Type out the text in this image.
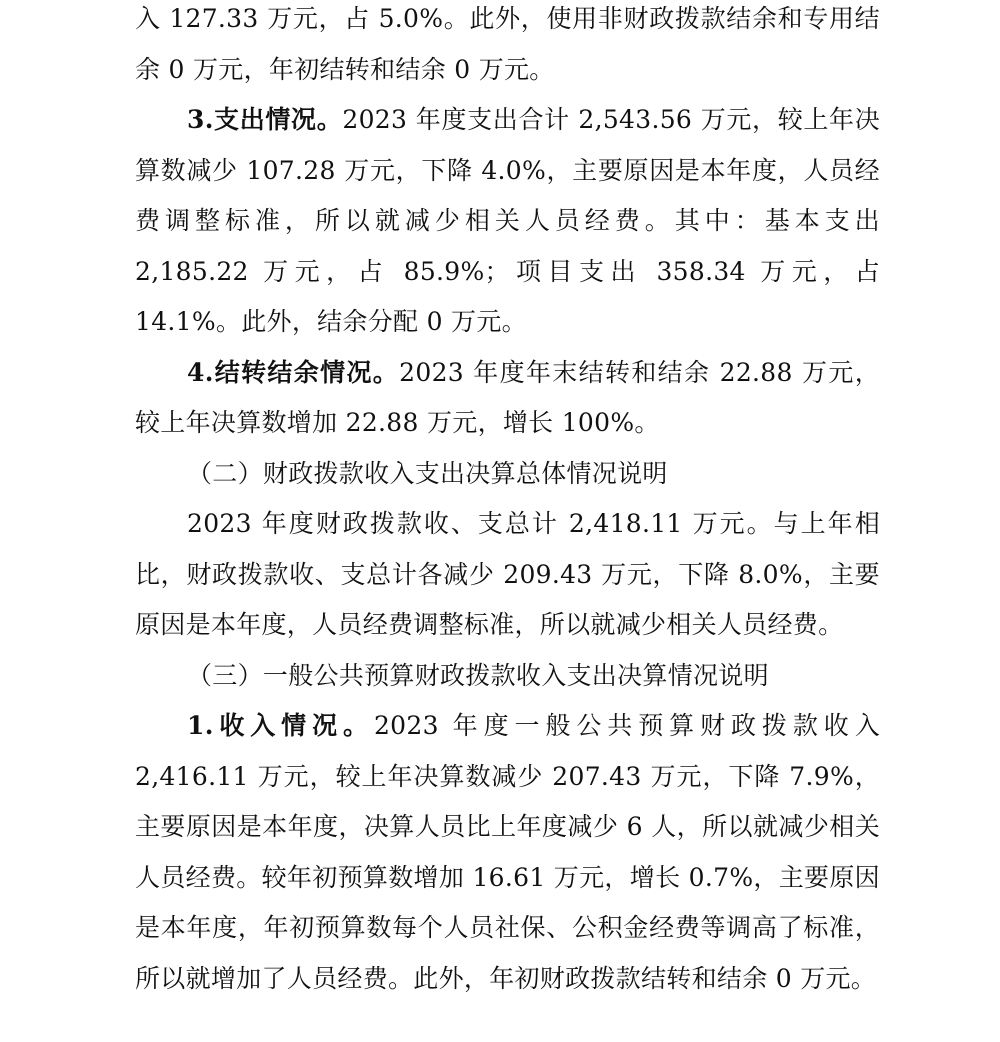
入 127.33 万元，占 5.0%。此外，使用非财政拨款结余和专用结余 0 万元，年初结转和结余 0 万元。

3.支出情况。2023 年度支出合计 2,543.56 万元，较上年决算数减少 107.28 万元，下降 4.0%，主要原因是本年度，人员经费调整标准，所以就减少相关人员经费。其中：基本支出 2,185.22 万元，占 85.9%；项目支出 358.34 万元，占 14.1%。此外，结余分配 0 万元。

4.结转结余情况。2023 年度年末结转和结余 22.88 万元，较上年决算数增加 22.88 万元，增长 100%。

（二）财政拨款收入支出决算总体情况说明

2023 年度财政拨款收、支总计 2,418.11 万元。与上年相比，财政拨款收、支总计各减少 209.43 万元，下降 8.0%，主要原因是本年度，人员经费调整标准，所以就减少相关人员经费。

（三）一般公共预算财政拨款收入支出决算情况说明

1.收入情况。2023 年度一般公共预算财政拨款收入 2,416.11 万元，较上年决算数减少 207.43 万元，下降 7.9%，主要原因是本年度，决算人员比上年度减少 6 人，所以就减少相关人员经费。较年初预算数增加 16.61 万元，增长 0.7%，主要原因是本年度，年初预算数每个人员社保、公积金经费等调高了标准，所以就增加了人员经费。此外，年初财政拨款结转和结余 0 万元。
